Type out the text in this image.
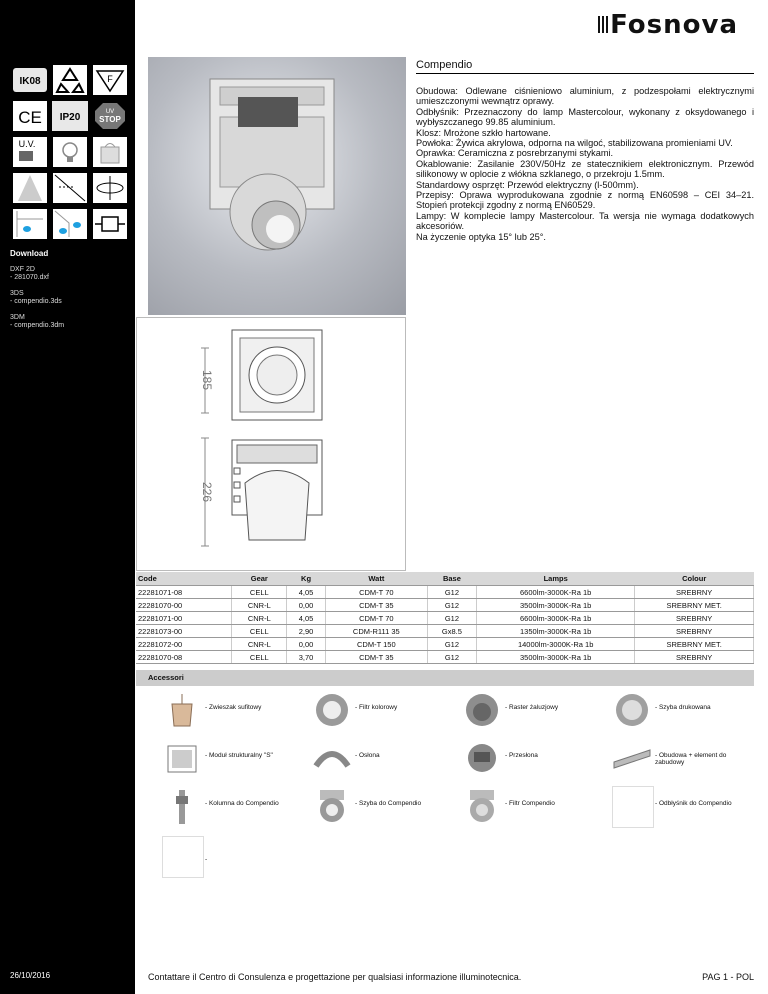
IK08	F
CE IP20	UV
STOP
U.V.
Download
DXF 2D
- 281070.dxf
3DS
- compendio.3ds
3DM
- compendio.3dm
26/10/2016
Fosnova
Compendio

Obudowa: Odlewane ciśnieniowo aluminium, z podzespołami elektrycznymi umieszczonymi wewnątrz oprawy.

Odbłyśnik: Przeznaczony do lamp Mastercolour, wykonany z oksydowanego i wybłyszczanego 99.85 aluminium.

Klosz: Mrożone szkło hartowane.

Powłoka: Żywica akrylowa, odporna na wilgoć, stabilizowana promieniami UV.

Oprawka: Ceramiczna z posrebrzanymi stykami.

Okablowanie: Zasilanie 230V/50Hz ze statecznikiem elektronicznym. Przewód silikonowy w oplocie z włókna szklanego, o przekroju 1.5mm.

Standardowy osprzęt: Przewód elektryczny (l-500mm).

Przepisy: Oprawa wyprodukowana zgodnie z normą EN60598 – CEI 34–21. Stopień protekcji zgodny z normą EN60529.

Lampy: W komplecie lampy Mastercolour. Ta wersja nie wymaga dodatkowych akcesoriów.

Na życzenie optyka 15° lub 25°.

185
226
Code	Gear	Kg	Watt	Base	Lamps	Colour
22281071-08	CELL	4,05	CDM-T 70	G12	6600lm-3000K-Ra 1b	SREBRNY
22281070-00	CNR-L	0,00	CDM-T 35	G12	3500lm-3000K-Ra 1b	SREBRNY MET.
22281071-00	CNR-L	4,05	CDM-T 70	G12	6600lm-3000K-Ra 1b	SREBRNY
22281073-00	CELL	2,90	CDM-R111 35	Gx8.5	1350lm-3000K-Ra 1b	SREBRNY
22281072-00	CNR-L	0,00	CDM-T 150	G12	14000lm-3000K-Ra 1b	SREBRNY MET.
22281070-08	CELL	3,70	CDM-T 35	G12	3500lm-3000K-Ra 1b	SREBRNY
Accessori
- Zwieszak sufitowy	- Filtr kolorowy	- Raster żaluzjowy	- Szyba drukowana
- Moduł strukturalny "S"	- Osłona	- Przesłona	- Obudowa + element do zabudowy
- Kolumna do Compendio	- Szyba do Compendio	- Filtr Compendio	- Odbłyśnik do Compendio
-
Contattare il Centro di Consulenza e progettazione per qualsiasi informazione illuminotecnica.	PAG 1 - POL
